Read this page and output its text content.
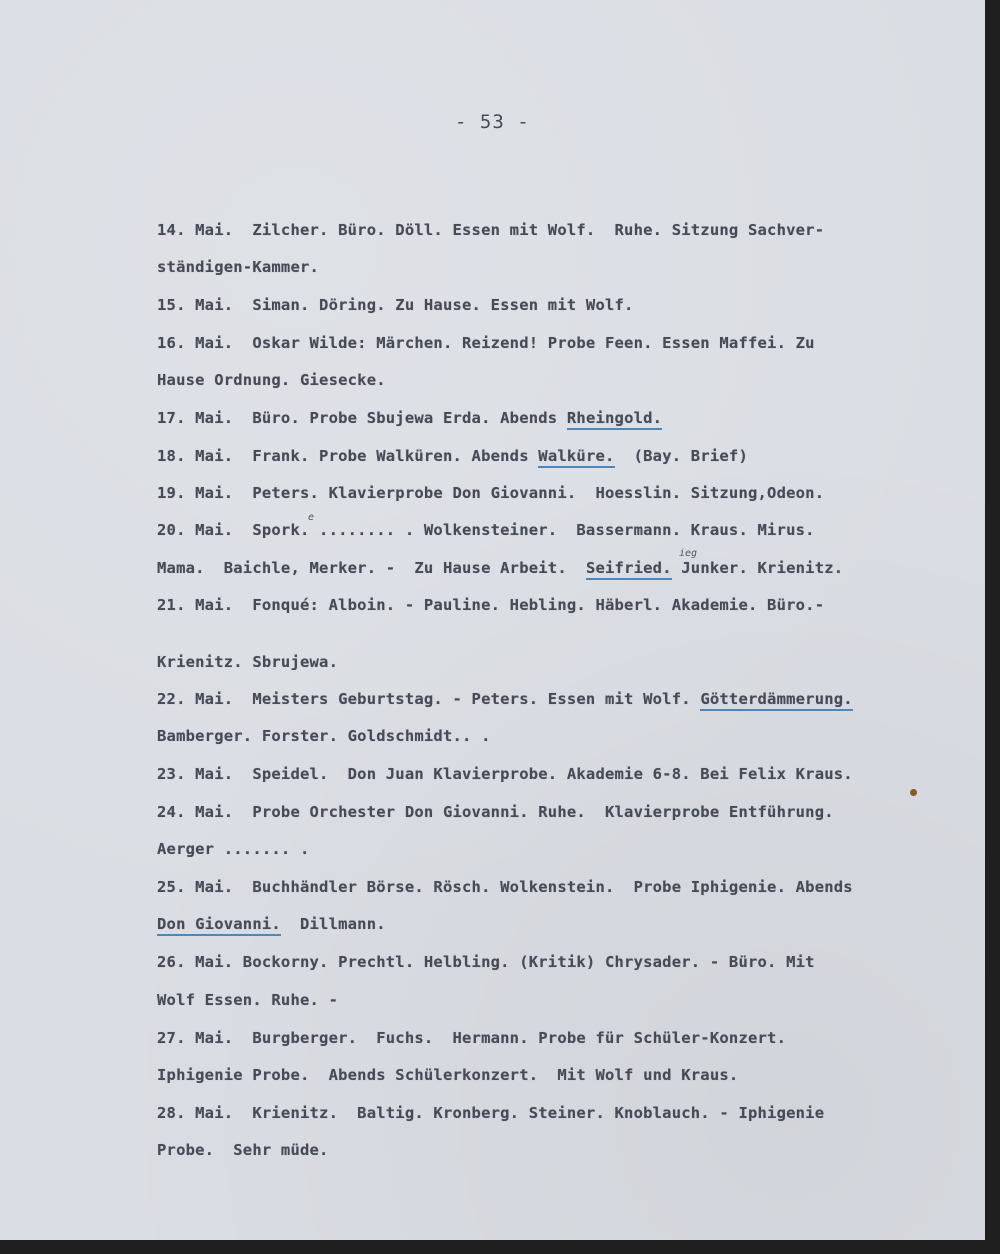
- 53 -
14. Mai.  Zilcher. Büro. Döll. Essen mit Wolf.  Ruhe. Sitzung Sachver-
ständigen-Kammer.
15. Mai.  Siman. Döring. Zu Hause. Essen mit Wolf.
16. Mai.  Oskar Wilde: Märchen. Reizend! Probe Feen. Essen Maffei. Zu
Hause Ordnung. Giesecke.
17. Mai.  Büro. Probe Sbujewa Erda. Abends Rheingold.
18. Mai.  Frank. Probe Walküren. Abends Walküre.  (Bay. Brief)
19. Mai.  Peters. Klavierprobe Don Giovanni.  Hoesslin. Sitzung,Odeon.
20. Mai.  Spork. ........ . Wolkensteiner.  Bassermann. Kraus. Mirus.
Mama.  Baichle, Merker. -  Zu Hause Arbeit.  Seifried. Junker. Krienitz.
21. Mai.  Fonqué: Alboin. - Pauline. Hebling. Häberl. Akademie. Büro.-
Krienitz. Sbrujewa.
22. Mai.  Meisters Geburtstag. - Peters. Essen mit Wolf. Götterdämmerung.
Bamberger. Forster. Goldschmidt.. .
23. Mai.  Speidel.  Don Juan Klavierprobe. Akademie 6-8. Bei Felix Kraus.
24. Mai.  Probe Orchester Don Giovanni. Ruhe.  Klavierprobe Entführung.
Aerger ....... .
25. Mai.  Buchhändler Börse. Rösch. Wolkenstein.  Probe Iphigenie. Abends
Don Giovanni.  Dillmann.
26. Mai. Bockorny. Prechtl. Helbling. (Kritik) Chrysader. - Büro. Mit
Wolf Essen. Ruhe. -
27. Mai.  Burgberger.  Fuchs.  Hermann. Probe für Schüler-Konzert.
Iphigenie Probe.  Abends Schülerkonzert.  Mit Wolf und Kraus.
28. Mai.  Krienitz.  Baltig. Kronberg. Steiner. Knoblauch. - Iphigenie
Probe.  Sehr müde.
e
ieg
